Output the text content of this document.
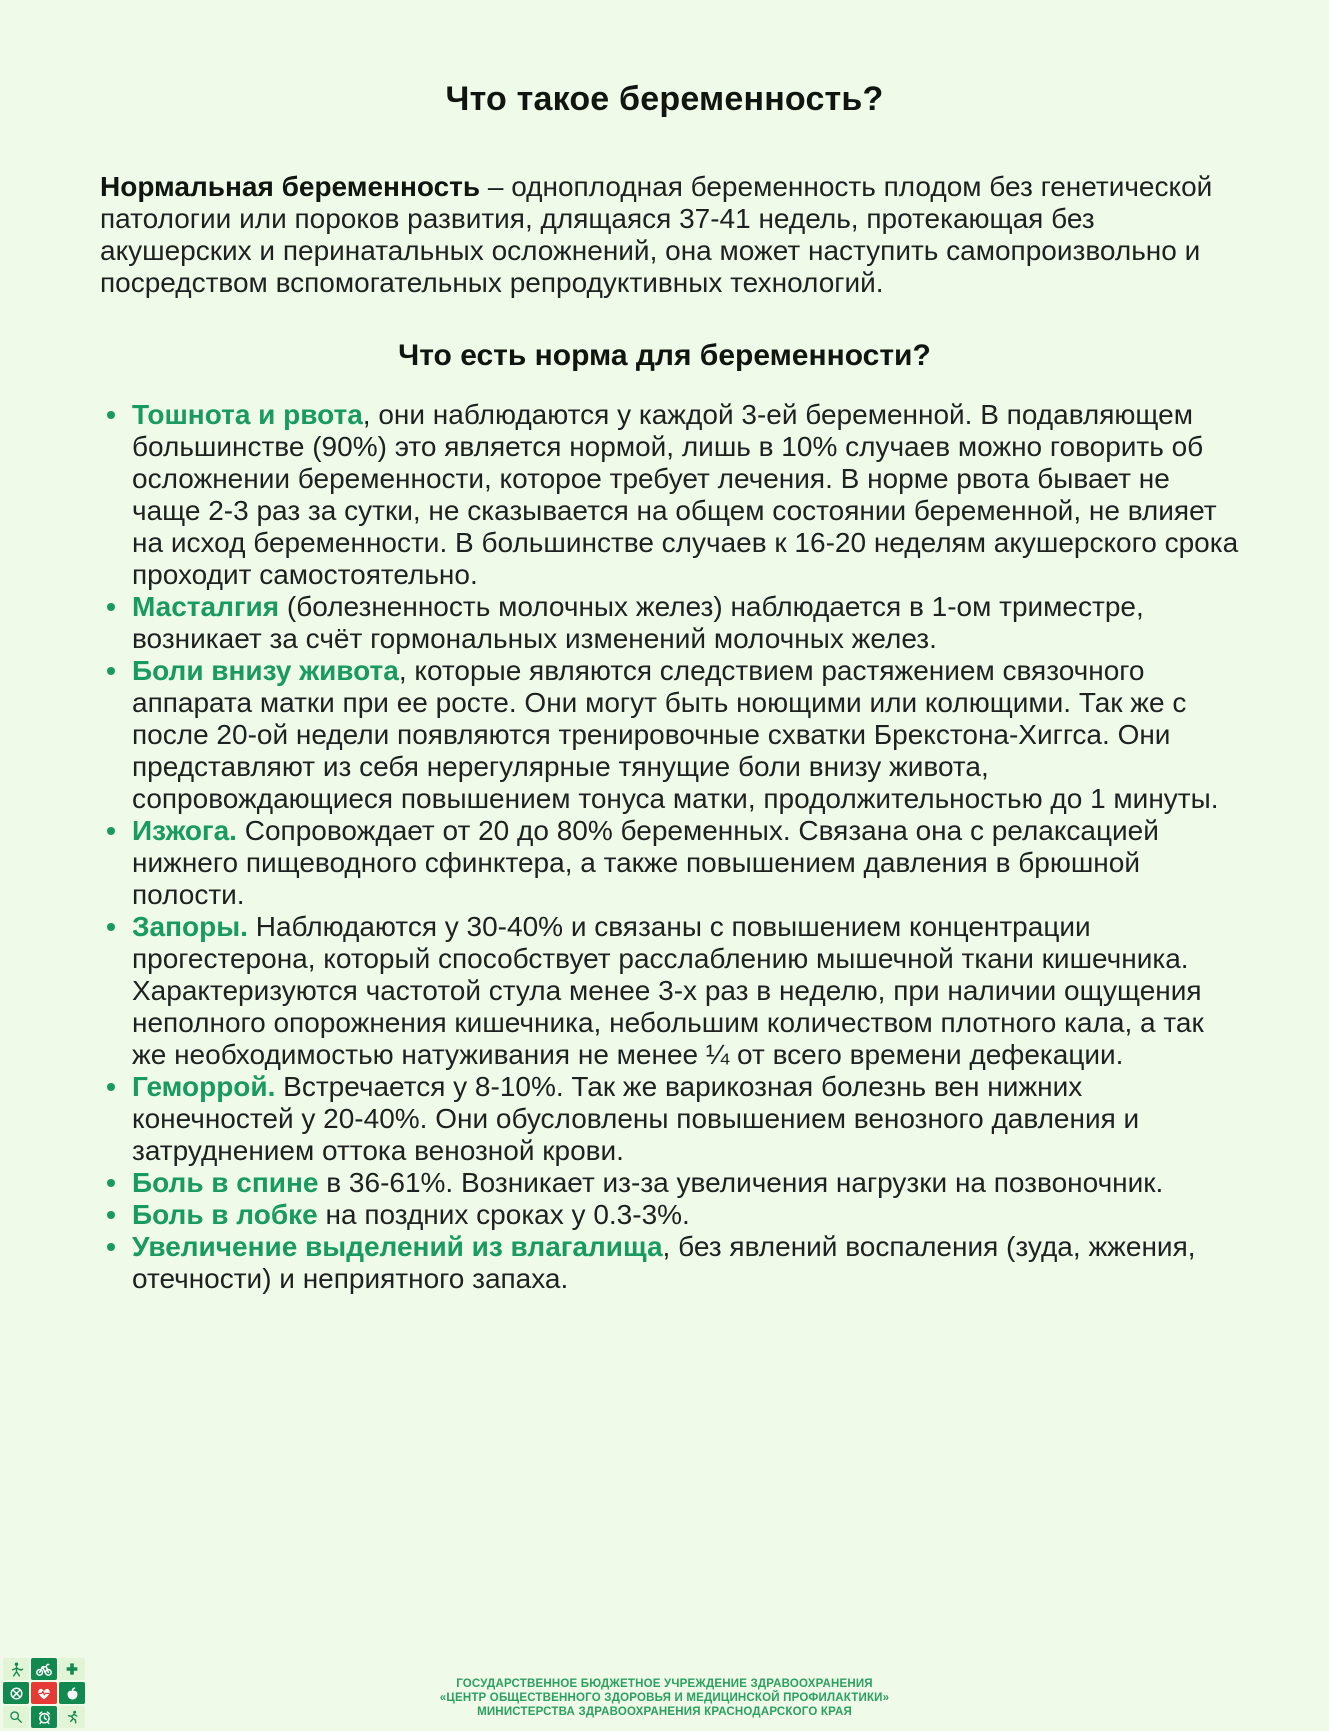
Что такое беременность?

Нормальная беременность – одноплодная беременность плодом без генетической патологии или пороков развития, длящаяся 37-41 недель, протекающая без акушерских и перинатальных осложнений, она может наступить самопроизвольно и посредством вспомогательных репродуктивных технологий.

Что есть норма для беременности?
Тошнота и рвота, они наблюдаются у каждой 3-ей беременной. В подавляющем большинстве (90%) это является нормой, лишь в 10% случаев можно говорить об осложнении беременности, которое требует лечения. В норме рвота бывает не чаще 2-3 раз за сутки, не сказывается на общем состоянии беременной, не влияет на исход беременности. В большинстве случаев к 16-20 неделям акушерского срока проходит самостоятельно.
Масталгия (болезненность молочных желез) наблюдается в 1-ом триместре, возникает за счёт гормональных изменений молочных желез.
Боли внизу живота, которые являются следствием растяжением связочного аппарата матки при ее росте. Они могут быть ноющими или колющими. Так же с после 20-ой недели появляются тренировочные схватки Брекстона-Хиггса. Они представляют из себя нерегулярные тянущие боли внизу живота, сопровождающиеся повышением тонуса матки, продолжительностью до 1 минуты.
Изжога. Сопровождает от 20 до 80% беременных. Связана она с релаксацией нижнего пищеводного сфинктера, а также повышением давления в брюшной полости.
Запоры. Наблюдаются у 30-40% и связаны с повышением концентрации прогестерона, который способствует расслаблению мышечной ткани кишечника. Характеризуются частотой стула менее 3-х раз в неделю, при наличии ощущения неполного опорожнения кишечника, небольшим количеством плотного кала, а так же необходимостью натуживания не менее ¼ от всего времени дефекации.
Геморрой. Встречается у 8-10%. Так же варикозная болезнь вен нижних конечностей у 20-40%. Они обусловлены повышением венозного давления и затруднением оттока венозной крови.
Боль в спине в 36-61%. Возникает из-за увеличения нагрузки на позвоночник.
Боль в лобке на поздних сроках у 0.3-3%.
Увеличение выделений из влагалища, без явлений воспаления (зуда, жжения, отечности) и неприятного запаха.
ГОСУДАРСТВЕННОЕ БЮДЖЕТНОЕ УЧРЕЖДЕНИЕ ЗДРАВООХРАНЕНИЯ
«ЦЕНТР ОБЩЕСТВЕННОГО ЗДОРОВЬЯ И МЕДИЦИНСКОЙ ПРОФИЛАКТИКИ»
МИНИСТЕРСТВА ЗДРАВООХРАНЕНИЯ КРАСНОДАРСКОГО КРАЯ
